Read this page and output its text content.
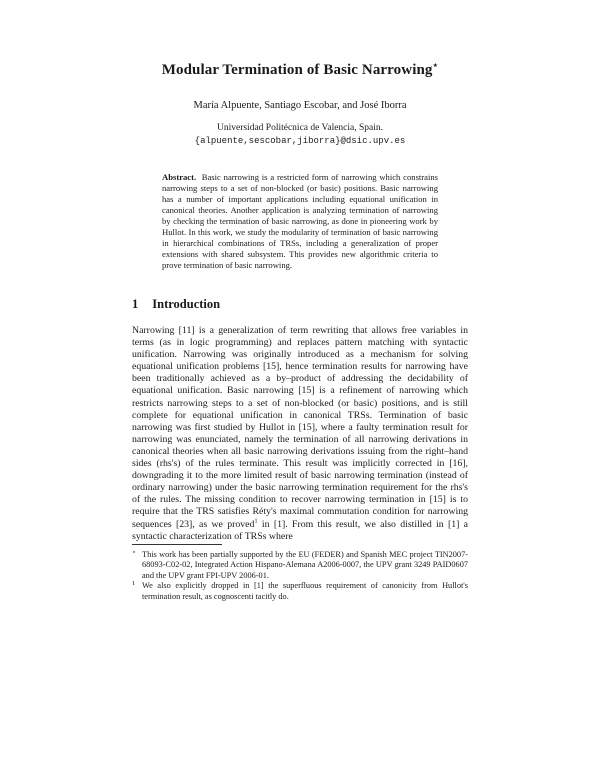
Modular Termination of Basic Narrowing⋆
María Alpuente, Santiago Escobar, and José Iborra
Universidad Politécnica de Valencia, Spain.
{alpuente,sescobar,jiborra}@dsic.upv.es
Abstract. Basic narrowing is a restricted form of narrowing which constrains narrowing steps to a set of non-blocked (or basic) positions. Basic narrowing has a number of important applications including equational unification in canonical theories. Another application is analyzing termination of narrowing by checking the termination of basic narrowing, as done in pioneering work by Hullot. In this work, we study the modularity of termination of basic narrowing in hierarchical combinations of TRSs, including a generalization of proper extensions with shared subsystem. This provides new algorithmic criteria to prove termination of basic narrowing.
1 Introduction
Narrowing [11] is a generalization of term rewriting that allows free variables in terms (as in logic programming) and replaces pattern matching with syntactic unification. Narrowing was originally introduced as a mechanism for solving equational unification problems [15], hence termination results for narrowing have been traditionally achieved as a by–product of addressing the decidability of equational unification. Basic narrowing [15] is a refinement of narrowing which restricts narrowing steps to a set of non-blocked (or basic) positions, and is still complete for equational unification in canonical TRSs. Termination of basic narrowing was first studied by Hullot in [15], where a faulty termination result for narrowing was enunciated, namely the termination of all narrowing derivations in canonical theories when all basic narrowing derivations issuing from the right–hand sides (rhs's) of the rules terminate. This result was implicitly corrected in [16], downgrading it to the more limited result of basic narrowing termination (instead of ordinary narrowing) under the basic narrowing termination requirement for the rhs's of the rules. The missing condition to recover narrowing termination in [15] is to require that the TRS satisfies Réty's maximal commutation condition for narrowing sequences [23], as we proved$^1$ in [1]. From this result, we also distilled in [1] a syntactic characterization of TRSs where
⋆ This work has been partially supported by the EU (FEDER) and Spanish MEC project TIN2007-68093-C02-02, Integrated Action Hispano-Alemana A2006-0007, the UPV grant 3249 PAID0607 and the UPV grant FPI-UPV 2006-01.
1 We also explicitly dropped in [1] the superfluous requirement of canonicity from Hullot's termination result, as cognoscenti tacitly do.
